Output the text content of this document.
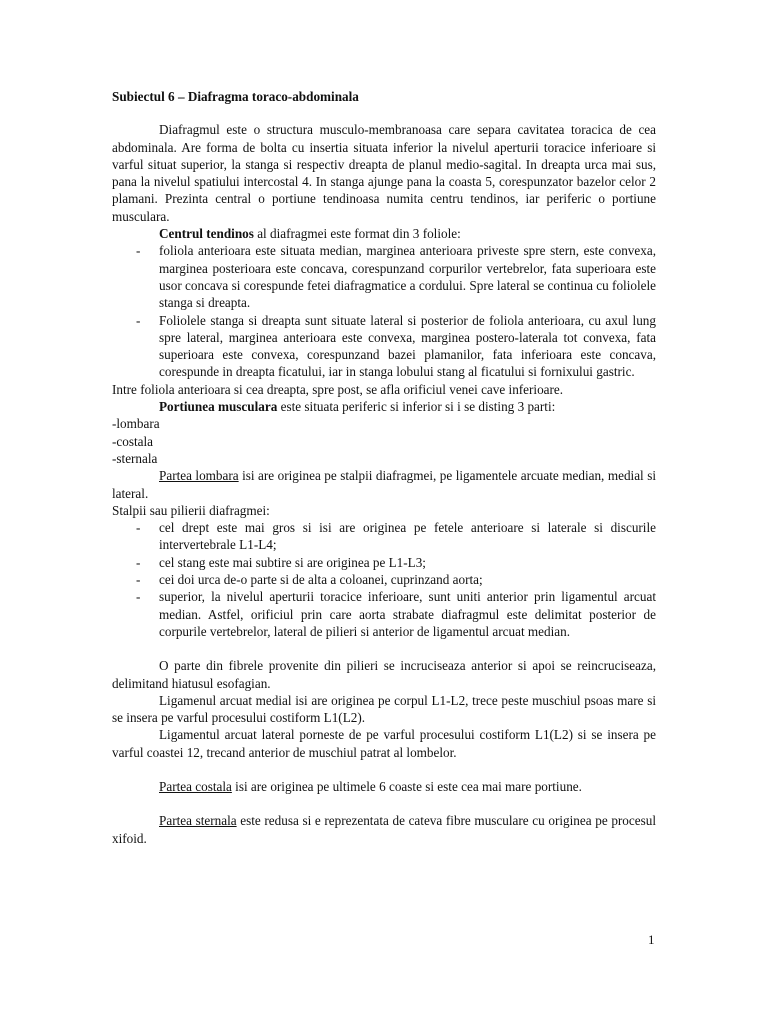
Subiectul 6 – Diafragma toraco-abdominala

Diafragmul este o structura musculo-membranoasa care separa cavitatea toracica de cea abdominala. Are forma de bolta cu insertia situata inferior la nivelul aperturii toracice inferioare si varful situat superior, la stanga si respectiv dreapta de planul medio-sagital. In dreapta urca mai sus, pana la nivelul spatiului intercostal 4. In stanga ajunge pana la coasta 5, corespunzator bazelor celor 2 plamani. Prezinta central o portiune tendinoasa numita centru tendinos, iar periferic o portiune musculara.

Centrul tendinos al diafragmei este format din 3 foliole:

- foliola anterioara este situata median, marginea anterioara priveste spre stern, este convexa, marginea posterioara este concava, corespunzand corpurilor vertebrelor, fata superioara este usor concava si corespunde fetei diafragmatice a cordului. Spre lateral se continua cu foliolele stanga si dreapta.
- Foliolele stanga si dreapta sunt situate lateral si posterior de foliola anterioara, cu axul lung spre lateral, marginea anterioara este convexa, marginea postero-laterala tot convexa, fata superioara este convexa, corespunzand bazei plamanilor, fata inferioara este concava, corespunde in dreapta ficatului, iar in stanga lobului stang al ficatului si fornixului gastric.

Intre foliola anterioara si cea dreapta, spre post, se afla orificiul venei cave inferioare.

Portiunea musculara este situata periferic si inferior si i se disting 3 parti:

-lombara

-costala

-sternala

Partea lombara isi are originea pe stalpii diafragmei, pe ligamentele arcuate median, medial si lateral.

Stalpii sau pilierii diafragmei:

- cel drept este mai gros si isi are originea pe fetele anterioare si laterale si discurile intervertebrale L1-L4;
- cel stang este mai subtire si are originea pe L1-L3;
- cei doi urca de-o parte si de alta a coloanei, cuprinzand aorta;
- superior, la nivelul aperturii toracice inferioare, sunt uniti anterior prin ligamentul arcuat median. Astfel, orificiul prin care aorta strabate diafragmul este delimitat posterior de corpurile vertebrelor, lateral de pilieri si anterior de ligamentul arcuat median.

O parte din fibrele provenite din pilieri se incruciseaza anterior si apoi se reincruciseaza, delimitand hiatusul esofagian.

Ligamenul arcuat medial isi are originea pe corpul L1-L2, trece peste muschiul psoas mare si se insera pe varful procesului costiform L1(L2).

Ligamentul arcuat lateral porneste de pe varful procesului costiform L1(L2) si se insera pe varful coastei 12, trecand anterior de muschiul patrat al lombelor.

Partea costala isi are originea pe ultimele 6 coaste si este cea mai mare portiune.

Partea sternala este redusa si e reprezentata de cateva fibre musculare cu originea pe procesul xifoid.

1
